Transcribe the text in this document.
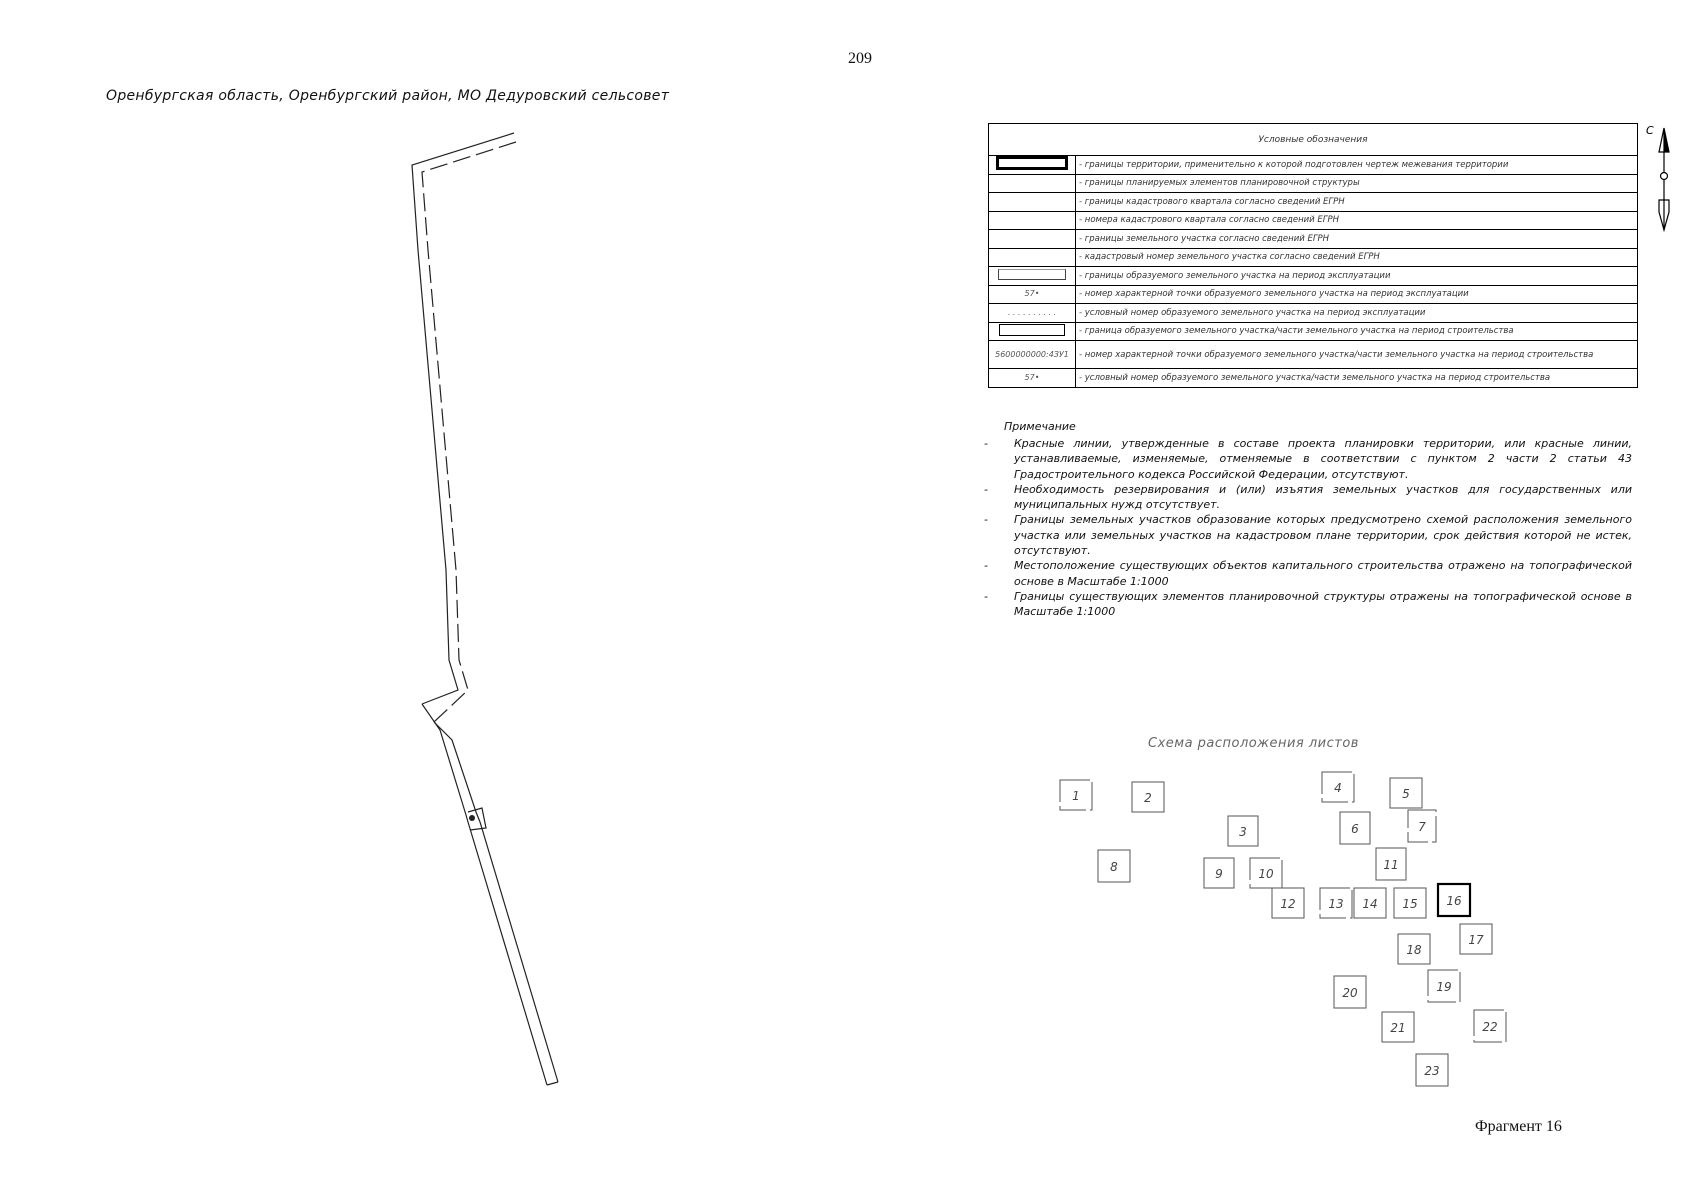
209
Оренбургская область, Оренбургский район, МО Дедуровский сельсовет
С
Условные обозначения	
	- границы территории, применительно к которой подготовлен чертеж межевания территории
	- границы планируемых элементов планировочной структуры
	- границы кадастрового квартала согласно сведений ЕГРН
	- номера кадастрового квартала согласно сведений ЕГРН
	- границы земельного участка согласно сведений ЕГРН
	- кадастровый номер земельного участка согласно сведений ЕГРН
	- границы образуемого земельного участка на период эксплуатации
57•	- номер характерной точки образуемого земельного участка на период эксплуатации
. . . . . . . . . .	- условный номер образуемого земельного участка на период эксплуатации
	- граница образуемого земельного участка/части земельного участка на период строительства
5600000000:4ЗУ1	- номер характерной точки образуемого земельного участка/части земельного участка на период строительства
57•	- условный номер образуемого земельного участка/части земельного участка на период строительства
Примечание
- Красные линии, утвержденные в составе проекта планировки территории, или красные линии, устанавливаемые, изменяемые, отменяемые в соответствии с пунктом 2 части 2 статьи 43 Градостроительного кодекса Российской Федерации, отсутствуют.
- Необходимость резервирования и (или) изъятия земельных участков для государственных или муниципальных нужд отсутствует.
- Границы земельных участков образование которых предусмотрено схемой расположения земельного участка или земельных участков на кадастровом плане территории, срок действия которой не истек, отсутствуют.
- Местоположение существующих объектов капитального строительства отражено на топографической основе в Масштабе 1:1000
- Границы существующих элементов планировочной структуры отражены на топографической основе в Масштабе 1:1000
Схема расположения листов
1	2
3
4	5
6	7
8	9	10
11
12	13 14 15 16
17
18
19
20
21	22
23
Фрагмент 16
